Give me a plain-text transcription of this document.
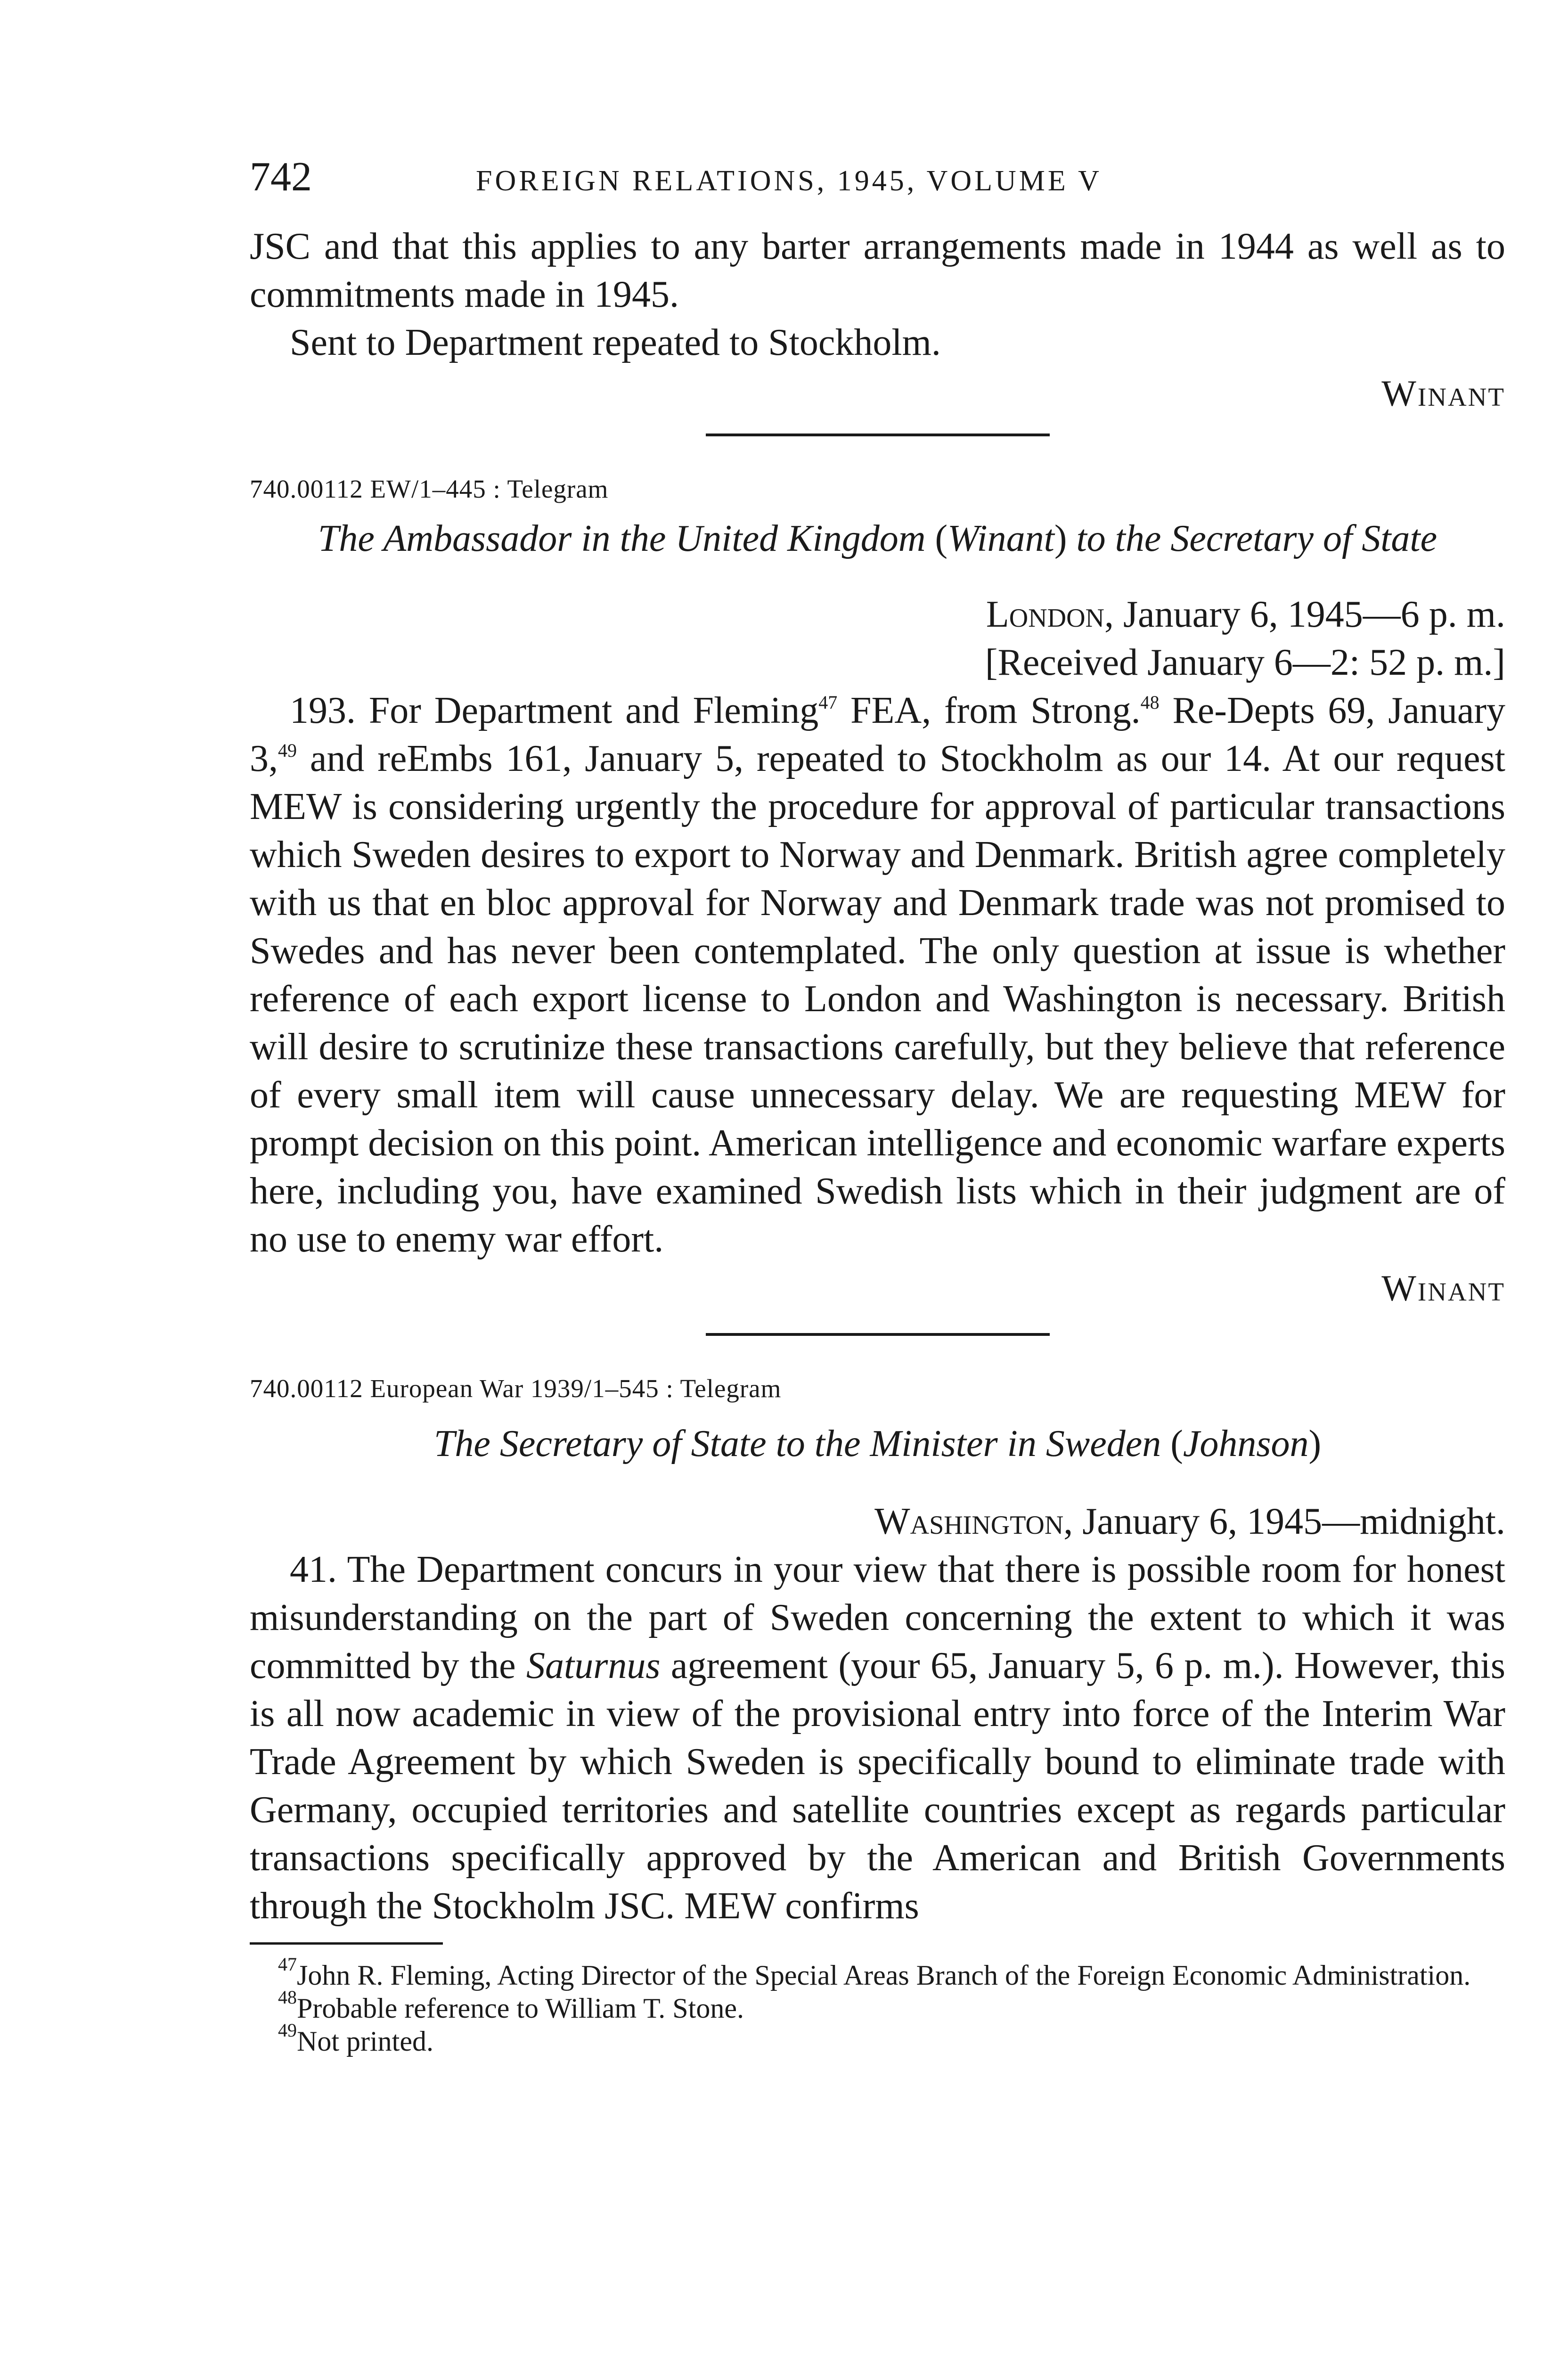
742	FOREIGN RELATIONS, 1945, VOLUME V

JSC and that this applies to any barter arrangements made in 1944 as well as to commitments made in 1945.

Sent to Department repeated to Stockholm.

Winant

740.00112 EW/1–445 : Telegram

The Ambassador in the United Kingdom (Winant) to the Secretary of State

London, January 6, 1945—6 p. m.

[Received January 6—2: 52 p. m.]

193. For Department and Fleming$^{47}$ FEA, from Strong.$^{48}$ Re-Depts 69, January 3,49 and reEmbs 161, January 5, repeated to Stockholm as our 14. At our request MEW is considering urgently the procedure for approval of particular transactions which Sweden desires to export to Norway and Denmark. British agree completely with us that en bloc approval for Norway and Denmark trade was not promised to Swedes and has never been contemplated. The only question at issue is whether reference of each export license to London and Washington is necessary. British will desire to scrutinize these transactions carefully, but they believe that reference of every small item will cause unnecessary delay. We are requesting MEW for prompt decision on this point. American intelligence and economic warfare experts here, including you, have examined Swedish lists which in their judgment are of no use to enemy war effort.

Winant

740.00112 European War 1939/1–545 : Telegram

The Secretary of State to the Minister in Sweden (Johnson)

Washington, January 6, 1945—midnight.

41. The Department concurs in your view that there is possible room for honest misunderstanding on the part of Sweden concerning the extent to which it was committed by the Saturnus agreement (your 65, January 5, 6 p. m.). However, this is all now academic in view of the provisional entry into force of the Interim War Trade Agreement by which Sweden is specifically bound to eliminate trade with Germany, occupied territories and satellite countries except as regards particular transactions specifically approved by the American and British Governments through the Stockholm JSC. MEW confirms

$^{47}$John R. Fleming, Acting Director of the Special Areas Branch of the Foreign Economic Administration.

$^{48}$Probable reference to William T. Stone.

$^{49}$Not printed.
